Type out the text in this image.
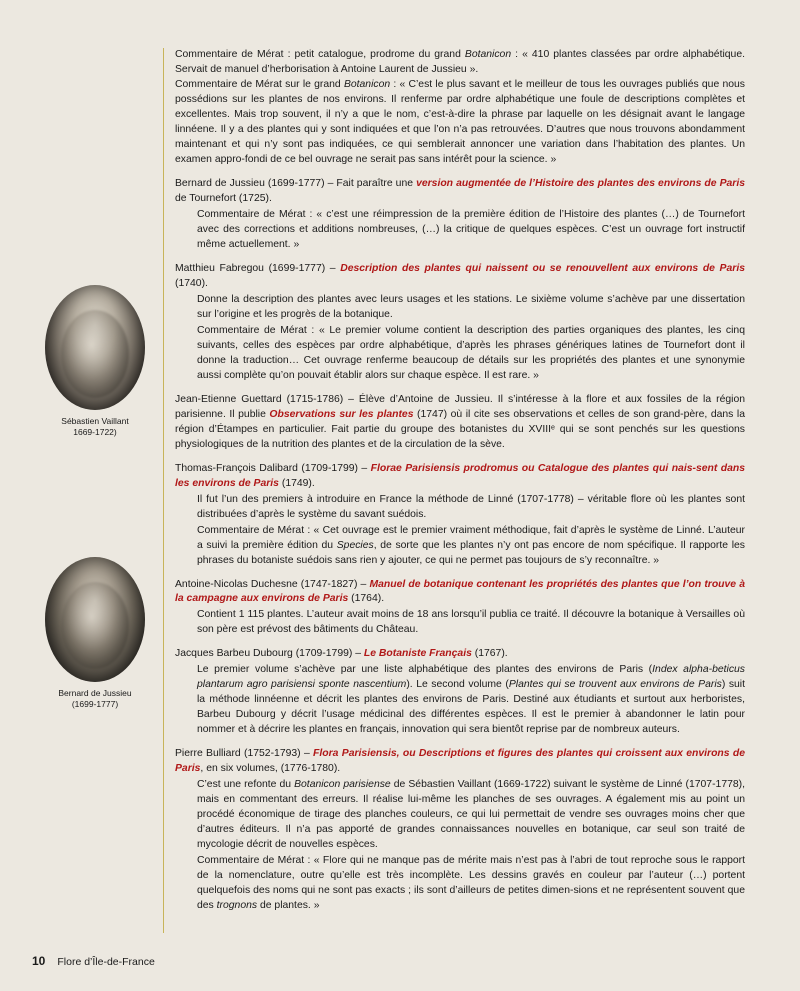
Sébastien Vaillant
1669-1722)
Bernard de Jussieu
(1699-1777)

Commentaire de Mérat : petit catalogue, prodrome du grand Botanicon : « 410 plantes classées par ordre alphabétique. Servait de manuel d’herborisation à Antoine Laurent de Jussieu ».

Commentaire de Mérat sur le grand Botanicon : « C’est le plus savant et le meilleur de tous les ouvrages publiés que nous possédions sur les plantes de nos environs. Il renferme par ordre alphabétique une foule de descriptions complètes et excellentes. Mais trop souvent, il n’y a que le nom, c’est-à-dire la phrase par laquelle on les désignait avant le langage linnéene. Il y a des plantes qui y sont indiquées et que l’on n’a pas retrouvées. D’autres que nous trouvons abondamment maintenant et qui n’y sont pas indiquées, ce qui semblerait annoncer une variation dans l’habitation des plantes. Un examen appro-fondi de ce bel ouvrage ne serait pas sans intérêt pour la science. »

Bernard de Jussieu (1699-1777) – Fait paraître une version augmentée de l’Histoire des plantes des environs de Paris de Tournefort (1725).

Commentaire de Mérat : « c’est une réimpression de la première édition de l’Histoire des plantes (…) de Tournefort avec des corrections et additions nombreuses, (…) la critique de quelques espèces. C’est un ouvrage fort instructif même actuellement. »

Matthieu Fabregou (1699-1777) – Description des plantes qui naissent ou se renouvellent aux environs de Paris (1740).

Donne la description des plantes avec leurs usages et les stations. Le sixième volume s’achève par une dissertation sur l’origine et les progrès de la botanique.

Commentaire de Mérat : « Le premier volume contient la description des parties organiques des plantes, les cinq suivants, celles des espèces par ordre alphabétique, d’après les phrases génériques latines de Tournefort dont il donne la traduction… Cet ouvrage renferme beaucoup de détails sur les propriétés des plantes et une synonymie aussi complète qu’on pouvait établir alors sur chaque espèce. Il est rare. »

Jean-Etienne Guettard (1715-1786) – Élève d’Antoine de Jussieu. Il s’intéresse à la flore et aux fossiles de la région parisienne. Il publie Observations sur les plantes (1747) où il cite ses observations et celles de son grand-père, dans la région d’Étampes en particulier. Fait partie du groupe des botanistes du XVIIIᵉ qui se sont penchés sur les questions physiologiques de la nutrition des plantes et de la circulation de la sève.

Thomas-François Dalibard (1709-1799) – Florae Parisiensis prodromus ou Catalogue des plantes qui nais-sent dans les environs de Paris (1749).

Il fut l’un des premiers à introduire en France la méthode de Linné (1707-1778) – véritable flore où les plantes sont distribuées d’après le système du savant suédois.

Commentaire de Mérat : « Cet ouvrage est le premier vraiment méthodique, fait d’après le système de Linné. L’auteur a suivi la première édition du Species, de sorte que les plantes n’y ont pas encore de nom spécifique. Il rapporte les phrases du botaniste suédois sans rien y ajouter, ce qui ne permet pas toujours de s’y reconnaître. »

Antoine-Nicolas Duchesne (1747-1827) – Manuel de botanique contenant les propriétés des plantes que l’on trouve à la campagne aux environs de Paris (1764).

Contient 1 115 plantes. L’auteur avait moins de 18 ans lorsqu’il publia ce traité. Il découvre la botanique à Versailles où son père est prévost des bâtiments du Château.

Jacques Barbeu Dubourg (1709-1799) – Le Botaniste Français (1767).

Le premier volume s’achève par une liste alphabétique des plantes des environs de Paris (Index alpha-beticus plantarum agro parisiensi sponte nascentium). Le second volume (Plantes qui se trouvent aux environs de Paris) suit la méthode linnéenne et décrit les plantes des environs de Paris. Destiné aux étudiants et surtout aux herboristes, Barbeu Dubourg y décrit l’usage médicinal des différentes espèces. Il est le premier à abandonner le latin pour nommer et à décrire les plantes en français, innovation qui sera bientôt reprise par de nombreux auteurs.

Pierre Bulliard (1752-1793) – Flora Parisiensis, ou Descriptions et figures des plantes qui croissent aux environs de Paris, en six volumes, (1776-1780).

C’est une refonte du Botanicon parisiense de Sébastien Vaillant (1669-1722) suivant le système de Linné (1707-1778), mais en commentant des erreurs. Il réalise lui-même les planches de ses ouvrages. A également mis au point un procédé économique de tirage des planches couleurs, ce qui lui permettait de vendre ses ouvrages moins cher que d’autres éditeurs. Il n’a pas apporté de grandes connaissances nouvelles en botanique, car seul son traité de mycologie décrit de nouvelles espèces.

Commentaire de Mérat : « Flore qui ne manque pas de mérite mais n’est pas à l’abri de tout reproche sous le rapport de la nomenclature, outre qu’elle est très incomplète. Les dessins gravés en couleur par l’auteur (…) portent quelquefois des noms qui ne sont pas exacts ; ils sont d’ailleurs de petites dimen-sions et ne représentent souvent que des trognons de plantes. »

10 Flore d’Île-de-France
